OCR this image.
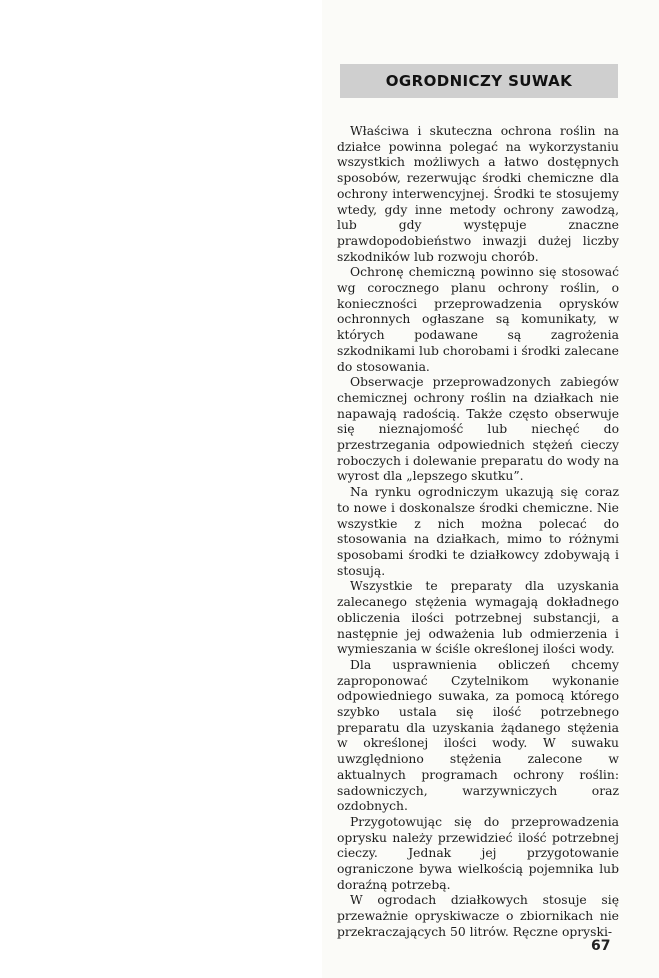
OGRODNICZY SUWAK

Właściwa i skuteczna ochrona roślin na działce powinna polegać na wykorzystaniu wszystkich możliwych a łatwo dostępnych sposobów, rezerwując środki chemiczne dla ochrony interwencyjnej. Środki te stosujemy wtedy, gdy inne metody ochrony zawodzą, lub gdy występuje znaczne prawdopodobieństwo inwazji dużej liczby szkodników lub rozwoju chorób.

Ochronę chemiczną powinno się stosować wg corocznego planu ochrony roślin, o konieczności przeprowadzenia oprysków ochronnych ogłaszane są komunikaty, w których podawane są zagrożenia szkodnikami lub chorobami i środki zalecane do stosowania.

Obserwacje przeprowadzonych zabiegów chemicznej ochrony roślin na działkach nie napawają radością. Także często obserwuje się nieznajomość lub niechęć do przestrzegania odpowiednich stężeń cieczy roboczych i dolewanie preparatu do wody na wyrost dla „lepszego skutku”.

Na rynku ogrodniczym ukazują się coraz to nowe i doskonalsze środki chemiczne. Nie wszystkie z nich można polecać do stosowania na działkach, mimo to różnymi sposobami środki te działkowcy zdobywają i stosują.

Wszystkie te preparaty dla uzyskania zalecanego stężenia wymagają dokładnego obliczenia ilości potrzebnej substancji, a następnie jej odważenia lub odmierzenia i wymieszania w ściśle określonej ilości wody.

Dla usprawnienia obliczeń chcemy zaproponować Czytelnikom wykonanie odpowiedniego suwaka, za pomocą którego szybko ustala się ilość potrzebnego preparatu dla uzyskania żądanego stężenia w określonej ilości wody. W suwaku uwzględniono stężenia zalecone w aktualnych programach ochrony roślin: sadowniczych, warzywniczych oraz ozdobnych.

Przygotowując się do przeprowadzenia oprysku należy przewidzieć ilość potrzebnej cieczy. Jednak jej przygotowanie ograniczone bywa wielkością pojemnika lub doraźną potrzebą.

W ogrodach działkowych stosuje się przeważnie opryskiwacze o zbiornikach nie przekraczających 50 litrów. Ręczne opryski-

67
